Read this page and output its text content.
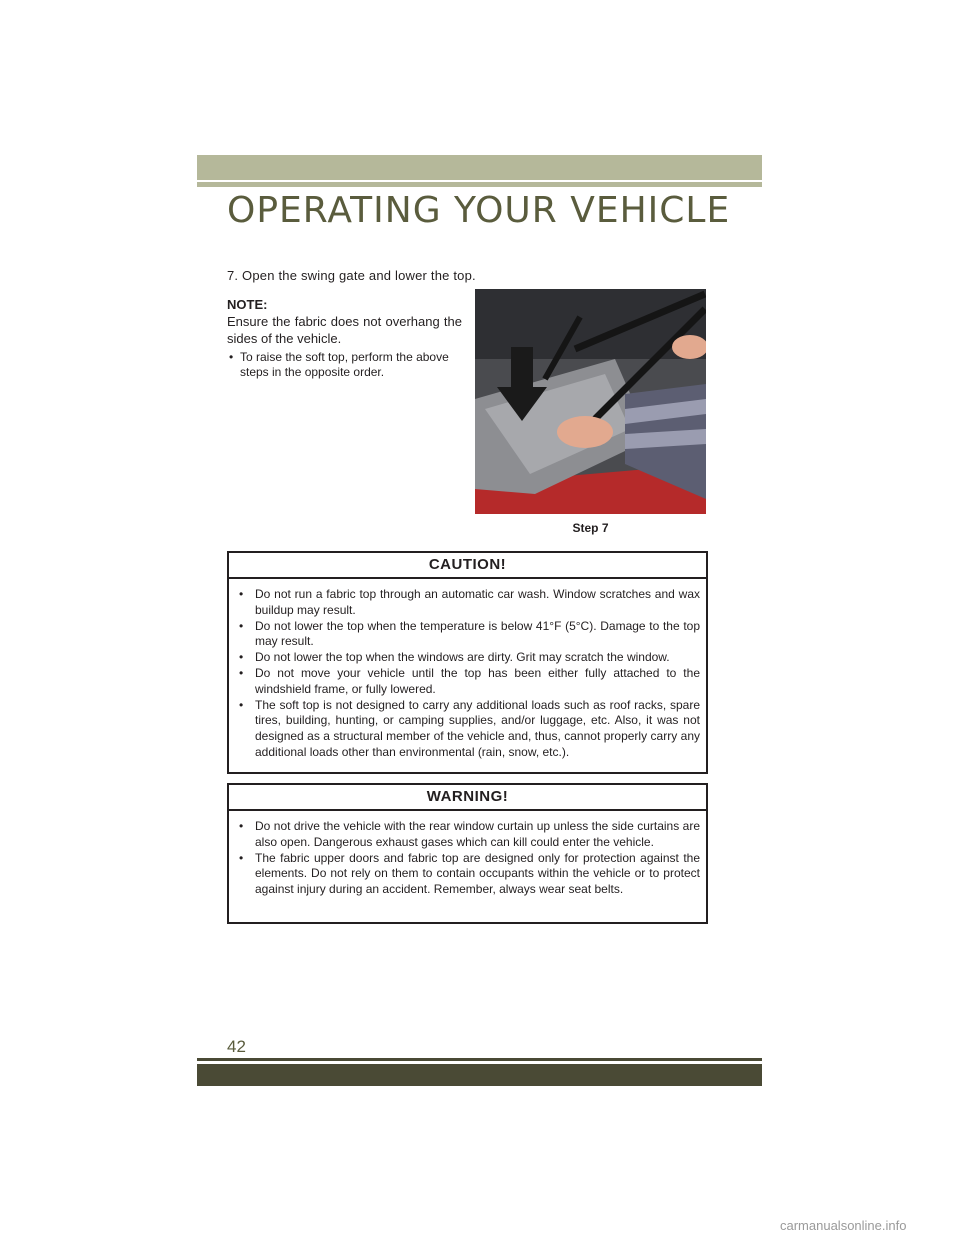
OPERATING YOUR VEHICLE
7. Open the swing gate and lower the top.
NOTE:
Ensure the fabric does not overhang the sides of the vehicle.
• To raise the soft top, perform the above steps in the opposite order.
Step 7
CAUTION!
• Do not run a fabric top through an automatic car wash. Window scratches and wax buildup may result.
• Do not lower the top when the temperature is below 41°F (5°C). Damage to the top may result.
• Do not lower the top when the windows are dirty. Grit may scratch the window.
• Do not move your vehicle until the top has been either fully attached to the windshield frame, or fully lowered.
• The soft top is not designed to carry any additional loads such as roof racks, spare tires, building, hunting, or camping supplies, and/or luggage, etc. Also, it was not designed as a structural member of the vehicle and, thus, cannot properly carry any additional loads other than environmental (rain, snow, etc.).
WARNING!
• Do not drive the vehicle with the rear window curtain up unless the side curtains are also open. Dangerous exhaust gases which can kill could enter the vehicle.
• The fabric upper doors and fabric top are designed only for protection against the elements. Do not rely on them to contain occupants within the vehicle or to protect against injury during an accident. Remember, always wear seat belts.
42
carmanualsonline.info
